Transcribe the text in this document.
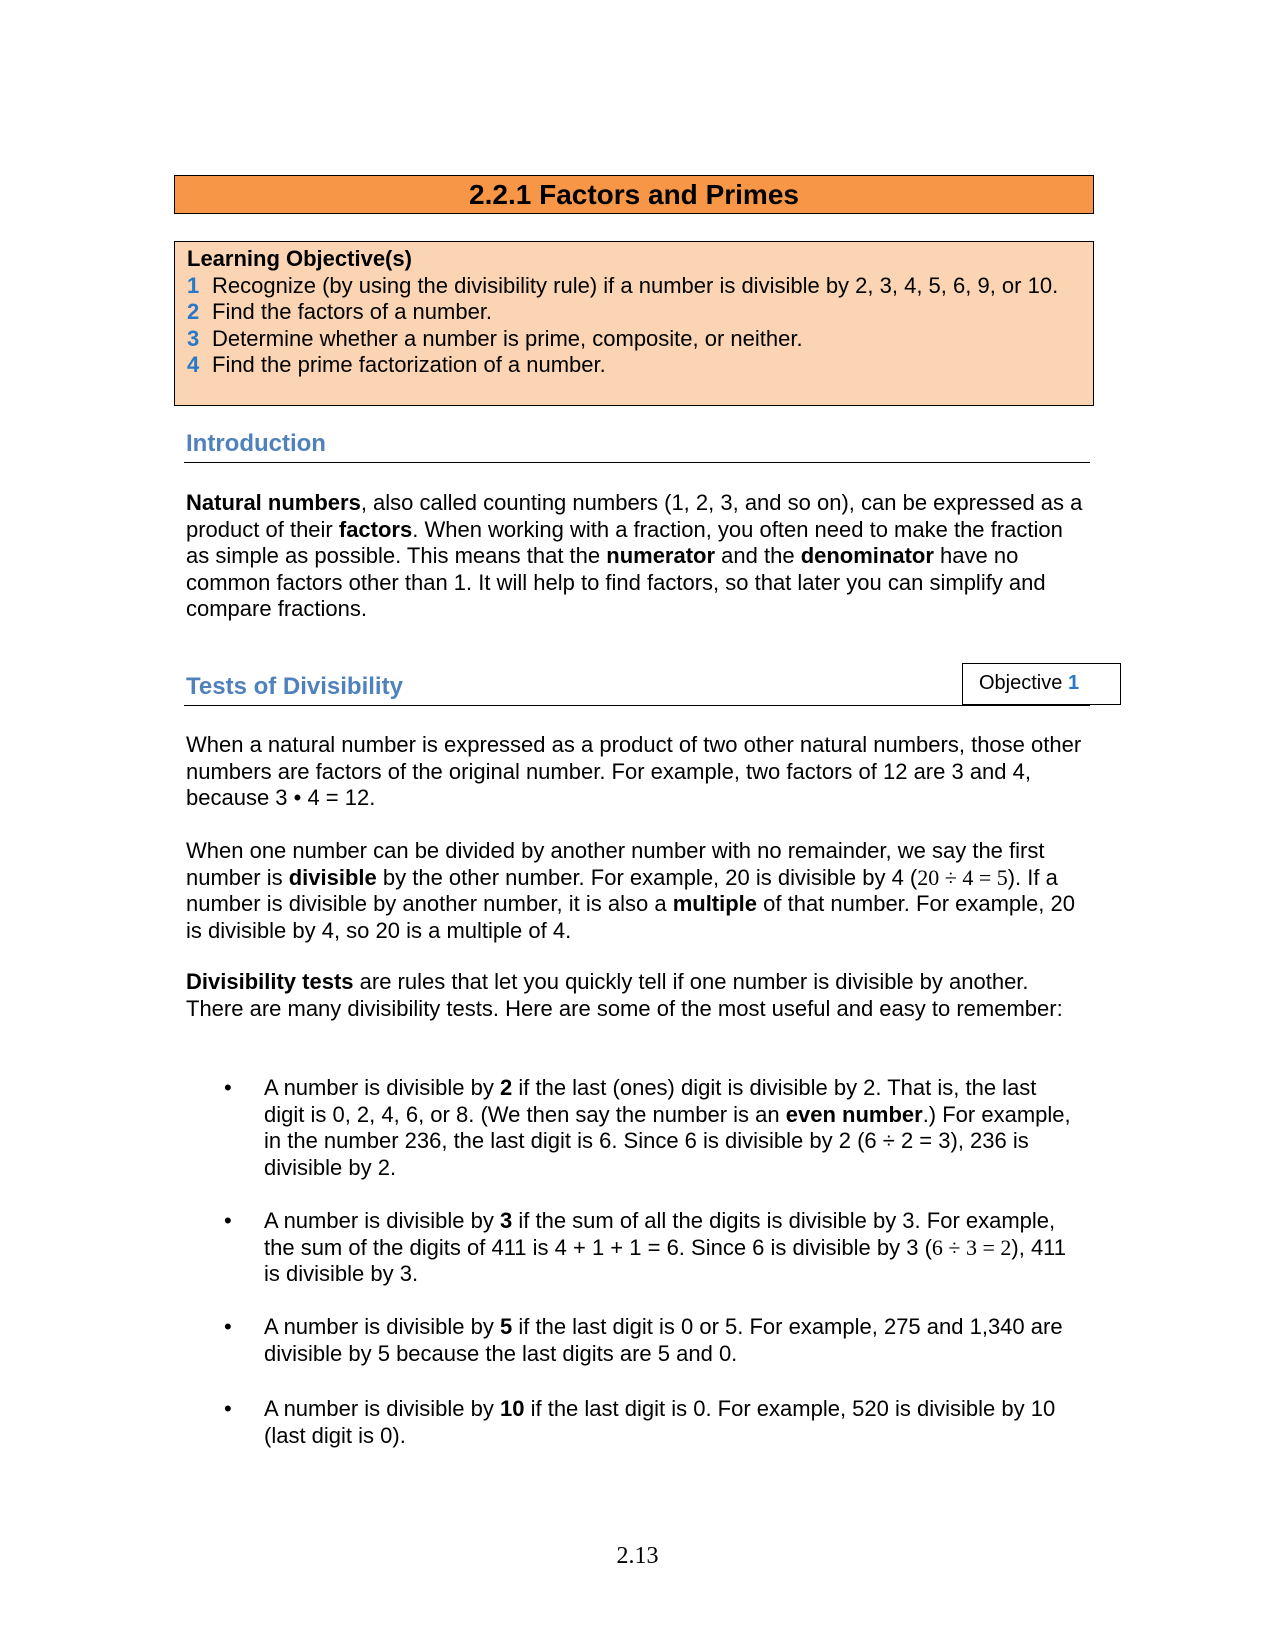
2.2.1 Factors and Primes
Learning Objective(s)
1 Recognize (by using the divisibility rule) if a number is divisible by 2, 3, 4, 5, 6, 9, or 10.
2 Find the factors of a number.
3 Determine whether a number is prime, composite, or neither.
4 Find the prime factorization of a number.
Introduction
Natural numbers, also called counting numbers (1, 2, 3, and so on), can be expressed as a product of their factors. When working with a fraction, you often need to make the fraction as simple as possible. This means that the numerator and the denominator have no common factors other than 1. It will help to find factors, so that later you can simplify and compare fractions.
Tests of Divisibility	Objective 1
When a natural number is expressed as a product of two other natural numbers, those other numbers are factors of the original number. For example, two factors of 12 are 3 and 4, because 3 • 4 = 12.
When one number can be divided by another number with no remainder, we say the first number is divisible by the other number. For example, 20 is divisible by 4 (20 ÷ 4 = 5). If a number is divisible by another number, it is also a multiple of that number. For example, 20 is divisible by 4, so 20 is a multiple of 4.
Divisibility tests are rules that let you quickly tell if one number is divisible by another. There are many divisibility tests. Here are some of the most useful and easy to remember:
•	A number is divisible by 2 if the last (ones) digit is divisible by 2. That is, the last digit is 0, 2, 4, 6, or 8. (We then say the number is an even number.) For example, in the number 236, the last digit is 6. Since 6 is divisible by 2 (6 ÷ 2 = 3), 236 is divisible by 2.
•	A number is divisible by 3 if the sum of all the digits is divisible by 3. For example, the sum of the digits of 411 is 4 + 1 + 1 = 6. Since 6 is divisible by 3 (6 ÷ 3 = 2), 411 is divisible by 3.
•	A number is divisible by 5 if the last digit is 0 or 5. For example, 275 and 1,340 are divisible by 5 because the last digits are 5 and 0.
•	A number is divisible by 10 if the last digit is 0. For example, 520 is divisible by 10 (last digit is 0).
2.13
